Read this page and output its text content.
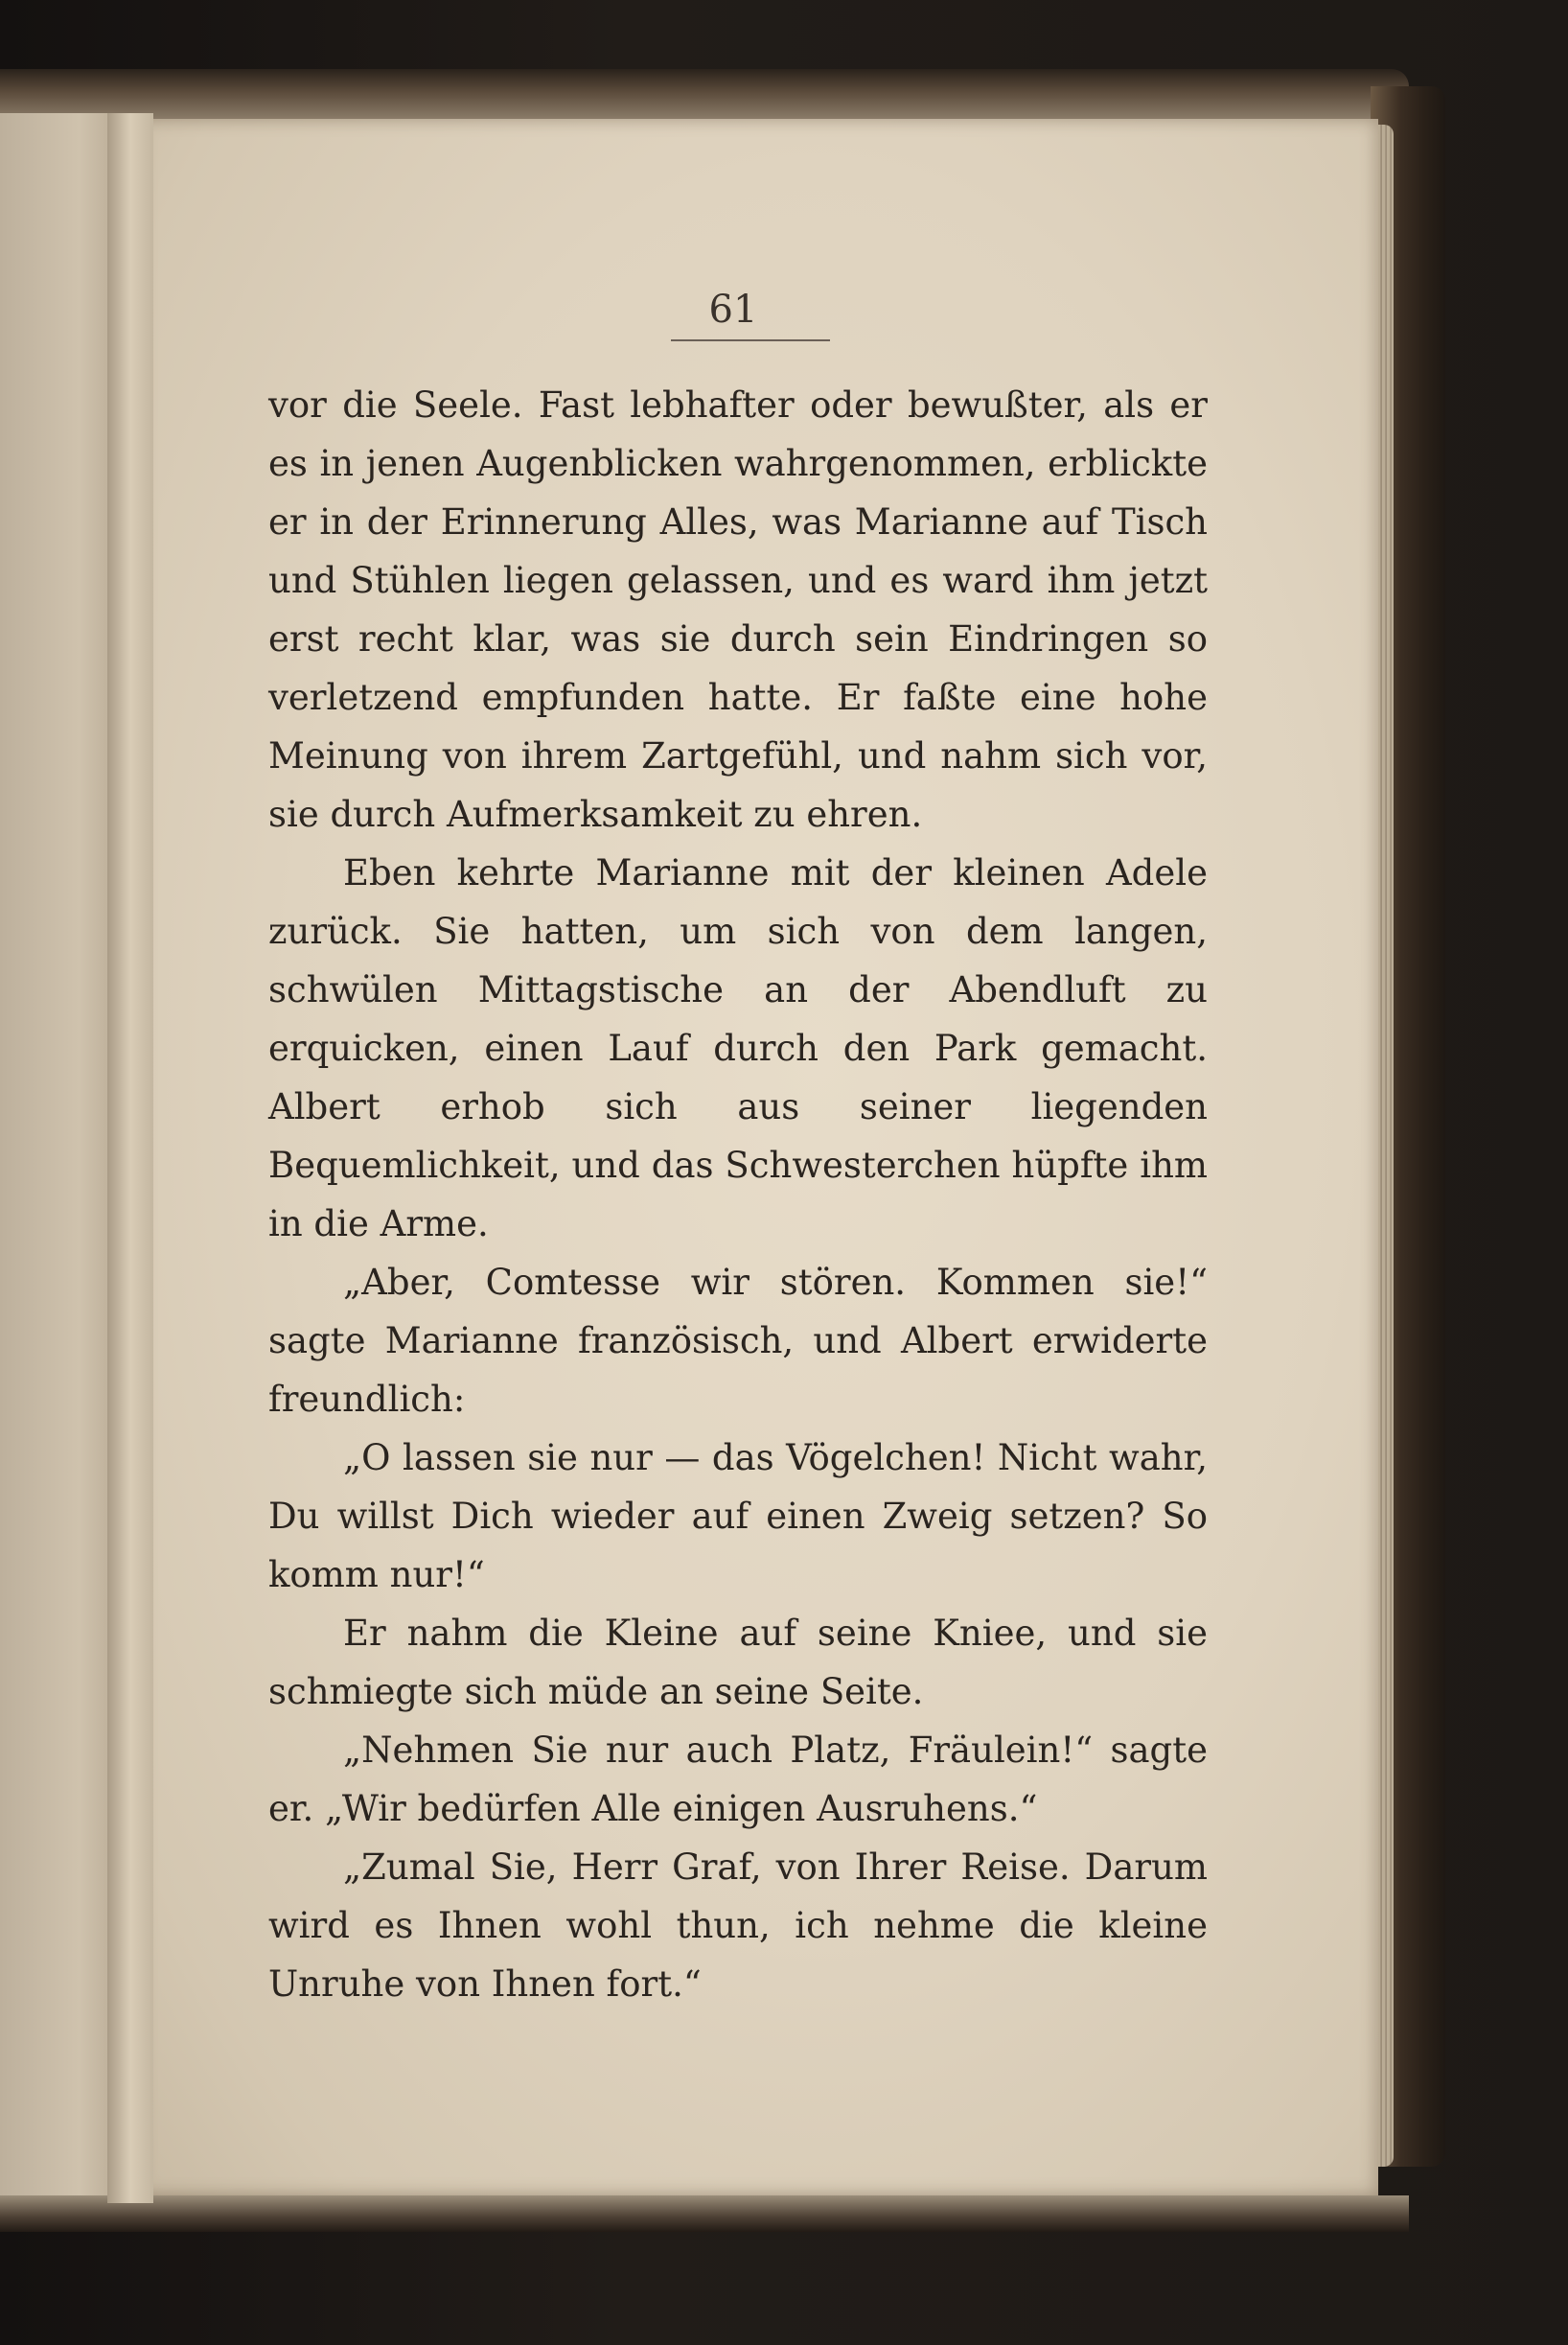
61

vor die Seele. Fast lebhafter oder bewußter, als er es in jenen Augenblicken wahrgenommen, erblickte er in der Erinnerung Alles, was Marianne auf Tisch und Stühlen liegen gelassen, und es ward ihm jetzt erst recht klar, was sie durch sein Eindringen so verletzend empfunden hatte. Er faßte eine hohe Meinung von ihrem Zartgefühl, und nahm sich vor, sie durch Aufmerksamkeit zu ehren.

Eben kehrte Marianne mit der kleinen Adele zurück. Sie hatten, um sich von dem langen, schwülen Mittagstische an der Abendluft zu erquicken, einen Lauf durch den Park gemacht. Albert erhob sich aus seiner liegenden Bequemlichkeit, und das Schwesterchen hüpfte ihm in die Arme.

„Aber, Comtesse wir stören. Kommen sie!“ sagte Marianne französisch, und Albert erwiderte freundlich:

„O lassen sie nur — das Vögelchen! Nicht wahr, Du willst Dich wieder auf einen Zweig setzen? So komm nur!“

Er nahm die Kleine auf seine Kniee, und sie schmiegte sich müde an seine Seite.

„Nehmen Sie nur auch Platz, Fräulein!“ sagte er. „Wir bedürfen Alle einigen Ausruhens.“

„Zumal Sie, Herr Graf, von Ihrer Reise. Darum wird es Ihnen wohl thun, ich nehme die kleine Unruhe von Ihnen fort.“
